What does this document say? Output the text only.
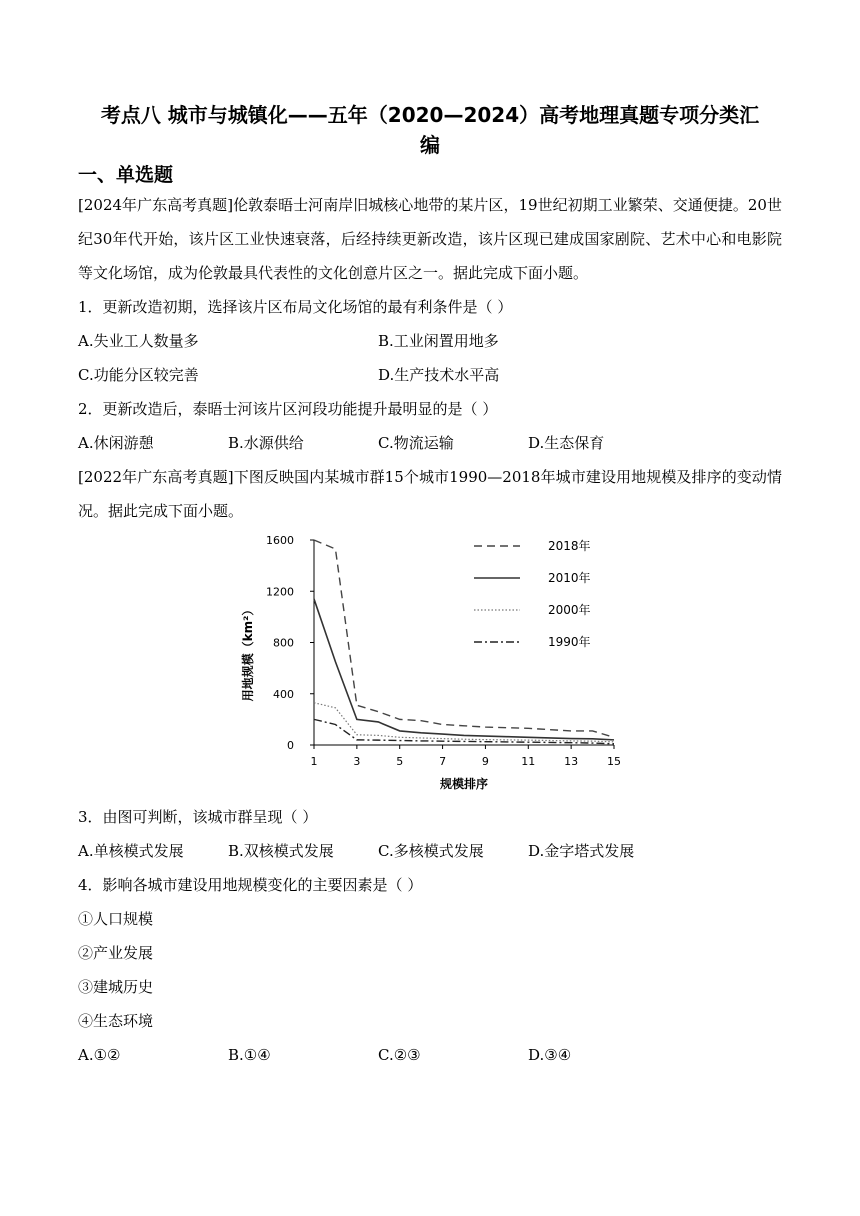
考点八 城市与城镇化——五年（2020—2024）高考地理真题专项分类汇编
一、单选题

[2024年广东高考真题]伦敦泰晤士河南岸旧城核心地带的某片区，19世纪初期工业繁荣、交通便捷。20世纪30年代开始，该片区工业快速衰落，后经持续更新改造，该片区现已建成国家剧院、艺术中心和电影院等文化场馆，成为伦敦最具代表性的文化创意片区之一。据此完成下面小题。

1．更新改造初期，选择该片区布局文化场馆的最有利条件是（ ）

A.失业工人数量多	B.工业闲置用地多
C.功能分区较完善	D.生产技术水平高

2．更新改造后，泰晤士河该片区河段功能提升最明显的是（ ）

A.休闲游憩	B.水源供给	C.物流运输	D.生态保育

[2022年广东高考真题]下图反映国内某城市群15个城市1990—2018年城市建设用地规模及排序的变动情况。据此完成下面小题。

1	3	5	7	9	11	13	15
0
400
800
1200
1600
规模排序
用地规模（km²）
2018年
2010年
2000年
1990年

3．由图可判断，该城市群呈现（ ）

A.单核模式发展	B.双核模式发展	C.多核模式发展	D.金字塔式发展

4．影响各城市建设用地规模变化的主要因素是（ ）

①人口规模

②产业发展

③建城历史

④生态环境

A.①②	B.①④	C.②③	D.③④
